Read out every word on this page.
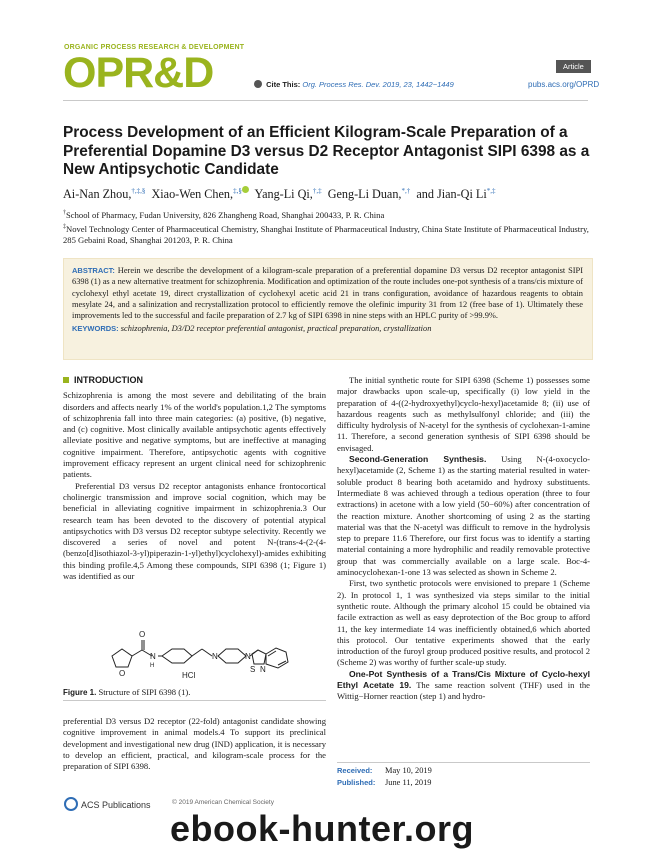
ORGANIC PROCESS RESEARCH & DEVELOPMENT
OPR&D	Cite This: Org. Process Res. Dev. 2019, 23, 1442−1449
Article
pubs.acs.org/OPRD
Process Development of an Efficient Kilogram-Scale Preparation of a Preferential Dopamine D3 versus D2 Receptor Antagonist SIPI 6398 as a New Antipsychotic Candidate
Ai-Nan Zhou,†,‡,§ Xiao-Wen Chen,‡,§ Yang-Li Qi,†,‡ Geng-Li Duan,*,† and Jian-Qi Li*,‡
†School of Pharmacy, Fudan University, 826 Zhangheng Road, Shanghai 200433, P. R. China
‡Novel Technology Center of Pharmaceutical Chemistry, Shanghai Institute of Pharmaceutical Industry, China State Institute of Pharmaceutical Industry, 285 Gebaini Road, Shanghai 201203, P. R. China
ABSTRACT: Herein we describe the development of a kilogram-scale preparation of a preferential dopamine D3 versus D2 receptor antagonist SIPI 6398 (1) as a new alternative treatment for schizophrenia. Modification and optimization of the route includes one-pot synthesis of a trans/cis mixture of cyclohexyl ethyl acetate 19, direct crystallization of cyclohexyl acetic acid 21 in trans configuration, avoidance of hazardous reagents to obtain mesylate 24, and a salinization and recrystallization protocol to efficiently remove the olefinic impurity 31 from 12 (free base of 1). Ultimately these improvements led to the successful and facile preparation of 2.7 kg of SIPI 6398 in nine steps with an HPLC purity of >99.9%.
KEYWORDS: schizophrenia, D3/D2 receptor preferential antagonist, practical preparation, crystallization
INTRODUCTION

Schizophrenia is among the most severe and debilitating of the brain disorders and affects nearly 1% of the world's population.1,2 The symptoms of schizophrenia fall into three main categories: (a) positive, (b) negative, and (c) cognitive. Most clinically available antipsychotic agents effectively alleviate positive and negative symptoms, but are ineffective at managing cognitive impairment. Therefore, antipsychotic agents with cognitive improvement efficacy represent an urgent clinical need for schizophrenic patients.

Preferential D3 versus D2 receptor antagonists enhance frontocortical cholinergic transmission and improve social cognition, which may be beneficial in alleviating cognitive impairment in schizophrenia.3 Our research team has been devoted to the discovery of potential atypical antipsychotics with D3 versus D2 receptor subtype selectivity. Recently we discovered a series of novel and potent N-(trans-4-(2-(4-(benzo[d]isothiazol-3-yl)piperazin-1-yl)ethyl)cyclohexyl)-amides exhibiting this binding profile.4,5 Among these compounds, SIPI 6398 (1; Figure 1) was identified as our

O
O
N
H
N	N
S N
HCl
Figure 1. Structure of SIPI 6398 (1).

preferential D3 versus D2 receptor (22-fold) antagonist candidate showing cognitive improvement in animal models.4 To support its preclinical development and investigational new drug (IND) application, it is necessary to develop an efficient, practical, and kilogram-scale process for the preparation of SIPI 6398.

The initial synthetic route for SIPI 6398 (Scheme 1) possesses some major drawbacks upon scale-up, specifically (i) low yield in the preparation of 4-((2-hydroxyethyl)cyclo-hexyl)acetamide 8; (ii) use of hazardous reagents such as methylsulfonyl chloride; and (iii) the difficulty hydrolysis of N-acetyl for the synthesis of cyclohexan-1-amine 11. Therefore, a second generation synthesis of SIPI 6398 should be envisaged.

Second-Generation Synthesis. Using N-(4-oxocyclo-hexyl)acetamide (2, Scheme 1) as the starting material resulted in water-soluble product 8 bearing both acetamido and hydroxy substituents. Intermediate 8 was achieved through a tedious operation (three to four extractions) in acetone with a low yield (50−60%) after concentration of the reaction mixture. Another shortcoming of using 2 as the starting material was that the N-acetyl was difficult to remove in the hydrolysis step to prepare 11.6 Therefore, our first focus was to identify a starting material containing a more hydrophilic and readily removable protective group that was commercially available on a large scale. Boc-4-aminocyclohexan-1-one 13 was selected as shown in Scheme 2.

First, two synthetic protocols were envisioned to prepare 1 (Scheme 2). In protocol 1, 1 was synthesized via steps similar to the initial synthetic route. Although the primary alcohol 15 could be obtained via facile extraction as well as easy deprotection of the Boc group to afford 11, the key intermediate 14 was inefficiently obtained,6 which aborted this protocol. Our tentative experiments showed that the early introduction of the furoyl group produced positive results, and protocol 2 (Scheme 2) was worthy of further scale-up study.

One-Pot Synthesis of a Trans/Cis Mixture of Cyclo-hexyl Ethyl Acetate 19. The same reaction solvent (THF) used in the Wittig−Horner reaction (step 1) and hydro-

Received: May 10, 2019
Published: June 11, 2019
ACS Publications	© 2019 American Chemical Society
ebook-hunter.org
